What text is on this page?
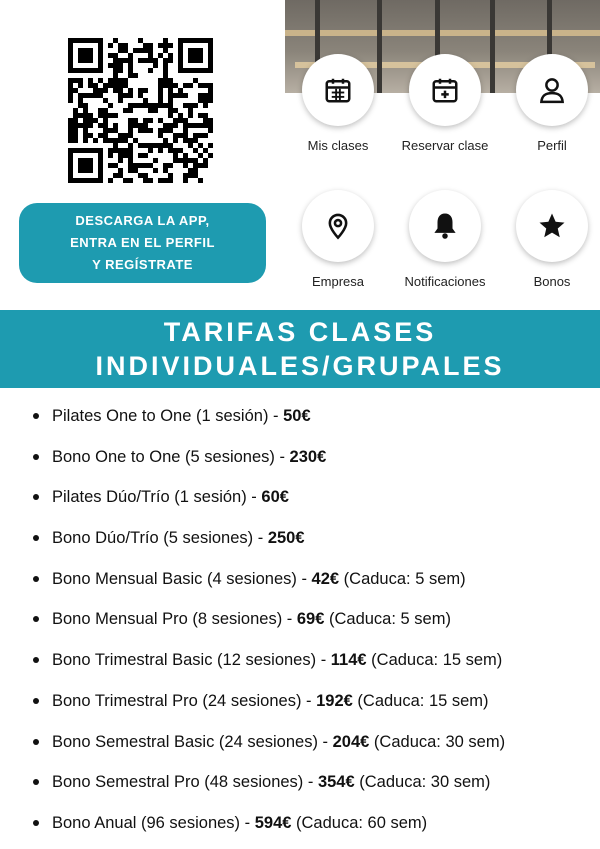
DESCARGA LA APP,
ENTRA EN EL PERFIL
Y REGÍSTRATE
Mis clases	Reservar clase	Perfil
Empresa	Notificaciones	Bonos
TARIFAS CLASES
INDIVIDUALES/GRUPALES
Pilates One to One (1 sesión) - 50€
Bono One to One (5 sesiones) - 230€
Pilates Dúo/Trío (1 sesión) - 60€
Bono Dúo/Trío (5 sesiones) - 250€
Bono Mensual Basic (4 sesiones) - 42€ (Caduca: 5 sem)
Bono Mensual Pro (8 sesiones) - 69€ (Caduca: 5 sem)
Bono Trimestral Basic (12 sesiones) - 114€ (Caduca: 15 sem)
Bono Trimestral Pro (24 sesiones) - 192€ (Caduca: 15 sem)
Bono Semestral Basic (24 sesiones) - 204€ (Caduca: 30 sem)
Bono Semestral Pro (48 sesiones) - 354€ (Caduca: 30 sem)
Bono Anual (96 sesiones) - 594€ (Caduca: 60 sem)
